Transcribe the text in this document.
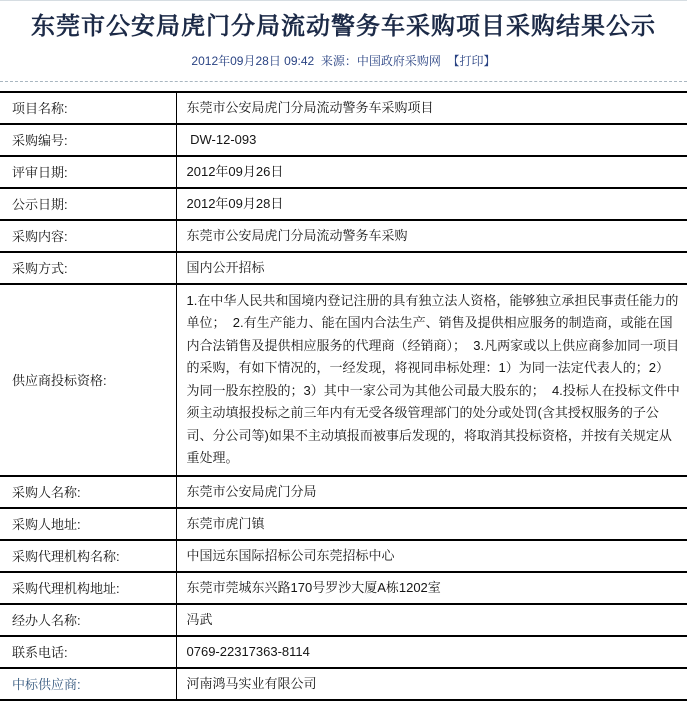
东莞市公安局虎门分局流动警务车采购项目采购结果公示
2012年09月28日 09:42 来源：中国政府采购网 【打印】
项目名称:	东莞市公安局虎门分局流动警务车采购项目
采购编号:	DW-12-093
评审日期:	2012年09月26日
公示日期:	2012年09月28日
采购内容:	东莞市公安局虎门分局流动警务车采购
采购方式:	国内公开招标
供应商投标资格:	1.在中华人民共和国境内登记注册的具有独立法人资格，能够独立承担民事责任能力的单位；  2.有生产能力、能在国内合法生产、销售及提供相应服务的制造商，或能在国内合法销售及提供相应服务的代理商（经销商）；  3.凡两家或以上供应商参加同一项目的采购，有如下情况的，一经发现，将视同串标处理：1）为同一法定代表人的；2）为同一股东控股的；3）其中一家公司为其他公司最大股东的；  4.投标人在投标文件中须主动填报投标之前三年内有无受各级管理部门的处分或处罚(含其授权服务的子公司、分公司等)如果不主动填报而被事后发现的，将取消其投标资格，并按有关规定从重处理。
采购人名称:	东莞市公安局虎门分局
采购人地址:	东莞市虎门镇
采购代理机构名称:	中国远东国际招标公司东莞招标中心
采购代理机构地址:	东莞市莞城东兴路170号罗沙大厦A栋1202室
经办人名称:	冯武
联系电话:	0769-22317363-8114
中标供应商:	河南鸿马实业有限公司
